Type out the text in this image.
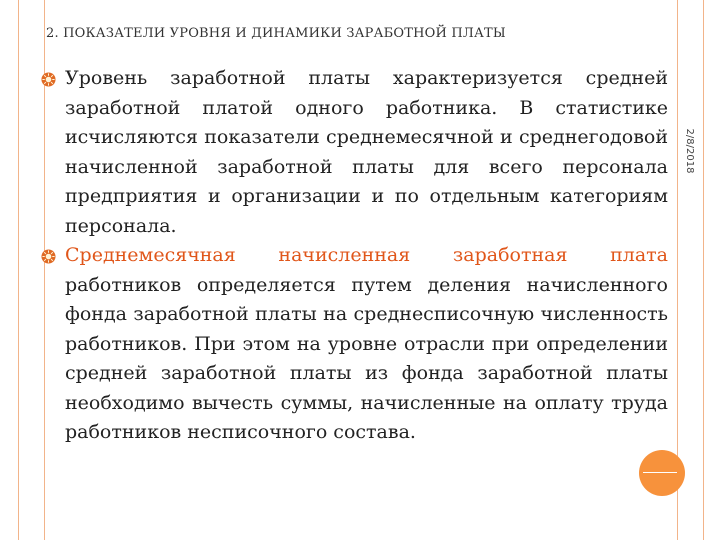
2. ПОКАЗАТЕЛИ УРОВНЯ И ДИНАМИКИ ЗАРАБОТНОЙ ПЛАТЫ
2/8/2018

Уровень заработной платы характеризуется средней заработной платой одного работника. В статистике исчисляются показатели среднемесячной и среднегодовой начисленной заработной платы для всего персонала предприятия и организации и по отдельным категориям персонала.

Среднемесячная начисленная заработная плата работников определяется путем деления начисленного фонда заработной платы на среднесписочную численность работников. При этом на уровне отрасли при определении средней заработной платы из фонда заработной платы необходимо вычесть суммы, начисленные на оплату труда работников несписочного состава.
